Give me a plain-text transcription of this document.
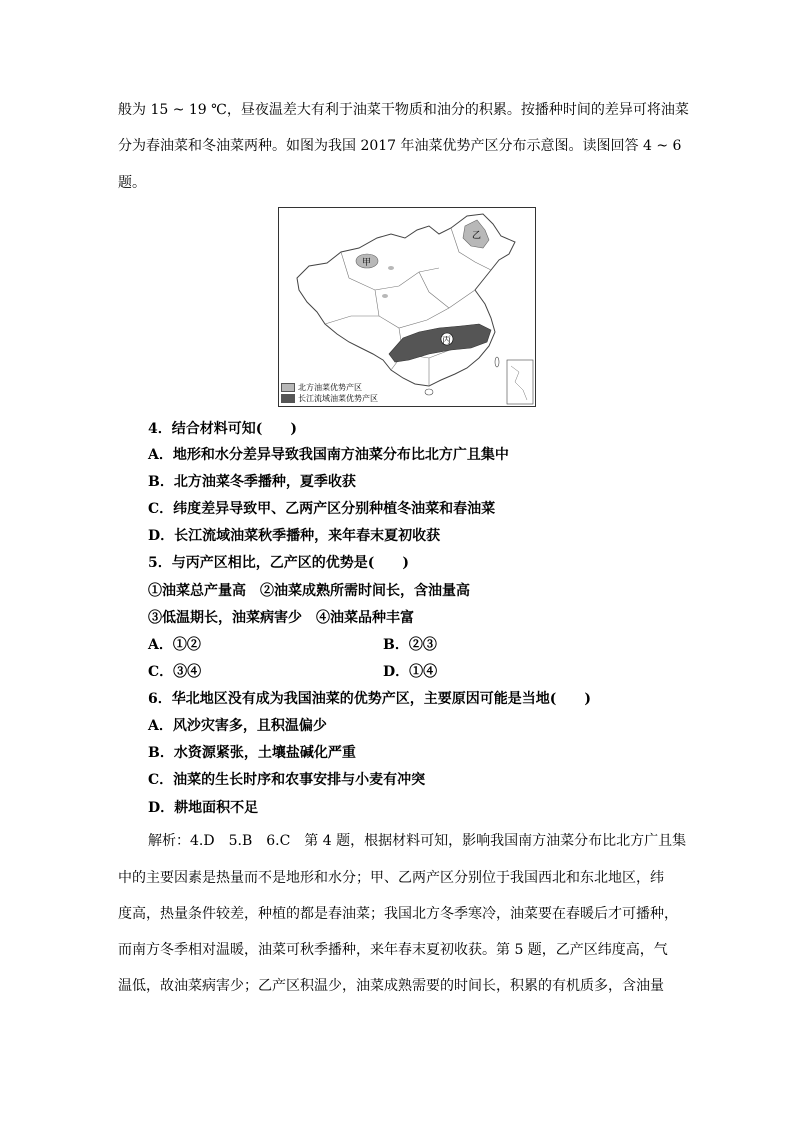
般为 15 ~ 19 ℃，昼夜温差大有利于油菜干物质和油分的积累。按播种时间的差异可将油菜
分为春油菜和冬油菜两种。如图为我国 2017 年油菜优势产区分布示意图。读图回答 4 ~ 6
题。
甲
乙
丙
北方油菜优势产区
长江流域油菜优势产区
4．结合材料可知(　　)
A．地形和水分差异导致我国南方油菜分布比北方广且集中
B．北方油菜冬季播种，夏季收获
C．纬度差异导致甲、乙两产区分别种植冬油菜和春油菜
D．长江流域油菜秋季播种，来年春末夏初收获
5．与丙产区相比，乙产区的优势是(　　)
①油菜总产量高　②油菜成熟所需时间长，含油量高
③低温期长，油菜病害少　④油菜品种丰富
A．①②	B．②③
C．③④	D．①④
6．华北地区没有成为我国油菜的优势产区，主要原因可能是当地(　　)
A．风沙灾害多，且积温偏少
B．水资源紧张，土壤盐碱化严重
C．油菜的生长时序和农事安排与小麦有冲突
D．耕地面积不足
解析：4.D　5.B　6.C　第 4 题，根据材料可知，影响我国南方油菜分布比北方广且集
中的主要因素是热量而不是地形和水分；甲、乙两产区分别位于我国西北和东北地区，纬
度高，热量条件较差，种植的都是春油菜；我国北方冬季寒冷，油菜要在春暖后才可播种，
而南方冬季相对温暖，油菜可秋季播种，来年春末夏初收获。第 5 题，乙产区纬度高，气
温低，故油菜病害少；乙产区积温少，油菜成熟需要的时间长，积累的有机质多，含油量
